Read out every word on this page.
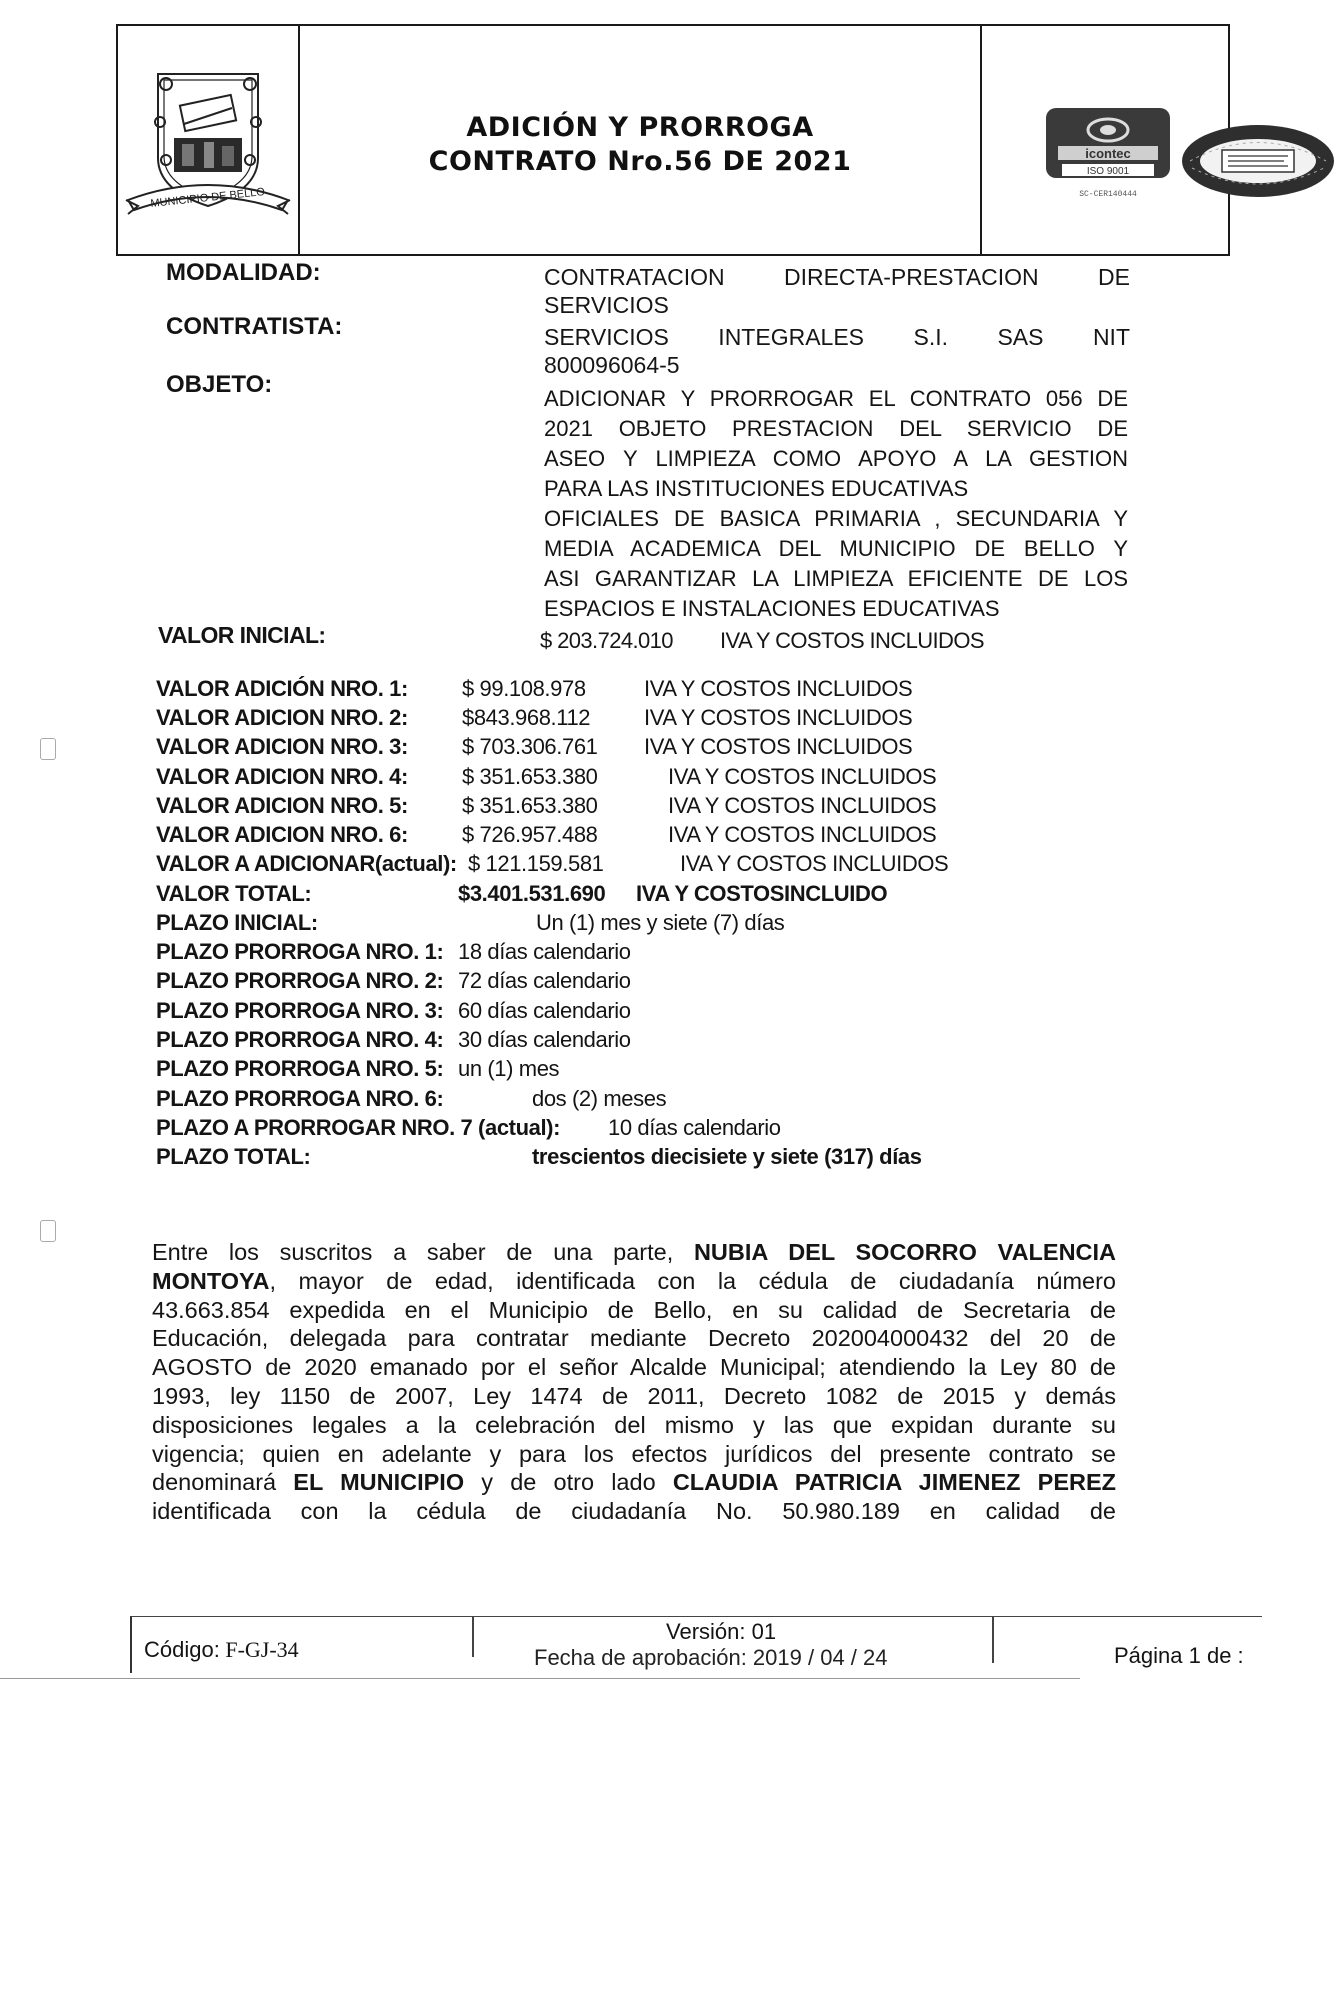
MUNICIPIO DE BELLO
ADICIÓN Y PRORROGA
CONTRATO Nro.56 DE 2021	icontec
ISO 9001
SC-CER140444
MODALIDAD:	CONTRATACION DIRECTA-PRESTACION DE
SERVICIOS
CONTRATISTA:	SERVICIOS INTEGRALES S.I. SAS NIT
800096064-5
OBJETO:
ADICIONAR Y PRORROGAR EL CONTRATO 056 DE
2021 OBJETO PRESTACION DEL SERVICIO DE
ASEO Y LIMPIEZA COMO APOYO A LA GESTION
PARA LAS INSTITUCIONES EDUCATIVAS
OFICIALES DE BASICA PRIMARIA , SECUNDARIA Y
MEDIA ACADEMICA DEL MUNICIPIO DE BELLO Y
ASI GARANTIZAR LA LIMPIEZA EFICIENTE DE LOS
ESPACIOS E INSTALACIONES EDUCATIVAS
VALOR INICIAL:	$ 203.724.010 IVA Y COSTOS INCLUIDOS
VALOR ADICIÓN NRO. 1: $ 99.108.978	IVA Y COSTOS INCLUIDOS
VALOR ADICION NRO. 2: $843.968.112 IVA Y COSTOS INCLUIDOS
VALOR ADICION NRO. 3: $ 703.306.761 IVA Y COSTOS INCLUIDOS
VALOR ADICION NRO. 4: $ 351.653.380	IVA Y COSTOS INCLUIDOS
VALOR ADICION NRO. 5: $ 351.653.380	IVA Y COSTOS INCLUIDOS
VALOR ADICION NRO. 6: $ 726.957.488	IVA Y COSTOS INCLUIDOS
VALOR A ADICIONAR(actual): $ 121.159.581	IVA Y COSTOS INCLUIDOS
VALOR TOTAL:	$3.401.531.690 IVA Y COSTOSINCLUIDO
PLAZO INICIAL:	Un (1) mes y siete (7) días
PLAZO PRORROGA NRO. 1: 18 días calendario
PLAZO PRORROGA NRO. 2: 72 días calendario
PLAZO PRORROGA NRO. 3: 60 días calendario
PLAZO PRORROGA NRO. 4: 30 días calendario
PLAZO PRORROGA NRO. 5: un (1) mes
PLAZO PRORROGA NRO. 6:	dos (2) meses
PLAZO A PRORROGAR NRO. 7 (actual): 10 días calendario
PLAZO TOTAL:	trescientos diecisiete y siete (317) días
Entre los suscritos a saber de una parte, NUBIA DEL SOCORRO VALENCIA
MONTOYA, mayor de edad, identificada con la cédula de ciudadanía número
43.663.854 expedida en el Municipio de Bello, en su calidad de Secretaria de
Educación, delegada para contratar mediante Decreto 202004000432 del 20 de
AGOSTO de 2020 emanado por el señor Alcalde Municipal; atendiendo la Ley 80 de
1993, ley 1150 de 2007, Ley 1474 de 2011, Decreto 1082 de 2015 y demás
disposiciones legales a la celebración del mismo y las que expidan durante su
vigencia; quien en adelante y para los efectos jurídicos del presente contrato se
denominará EL MUNICIPIO y de otro lado CLAUDIA PATRICIA JIMENEZ PEREZ
identificada con la cédula de ciudadanía No. 50.980.189 en calidad de
Código: F-GJ-34
Versión: 01
Fecha de aprobación: 2019 / 04 / 24	Página 1 de :
